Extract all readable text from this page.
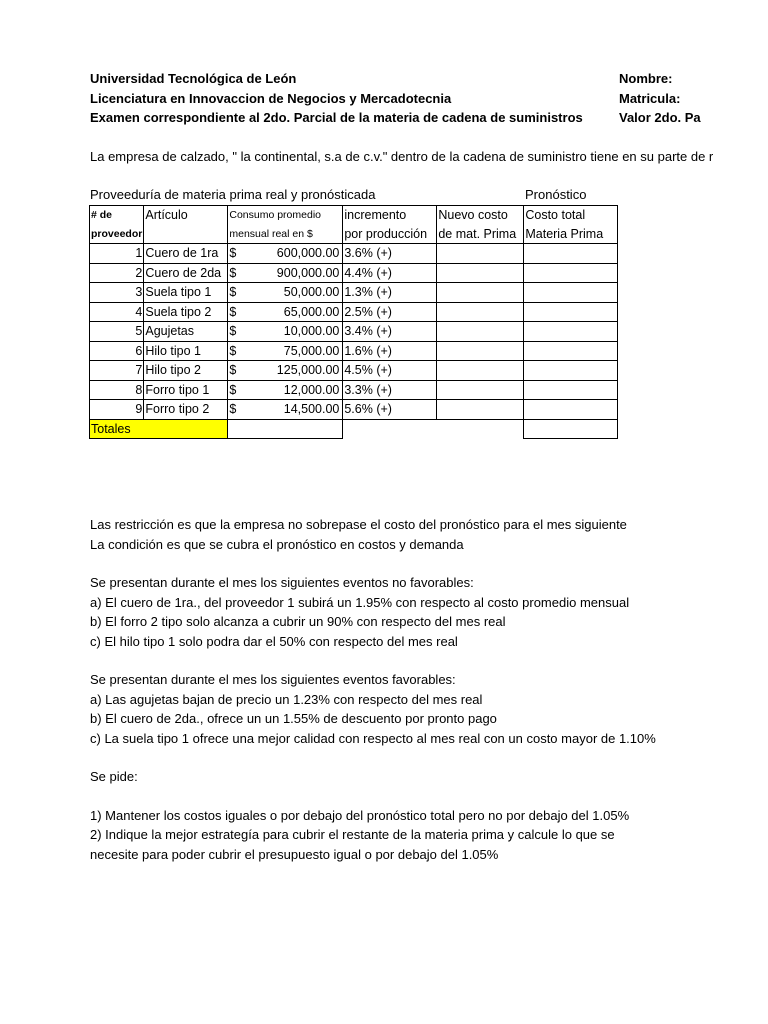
Universidad Tecnológica de León
Licenciatura en Innovaccion de Negocios y Mercadotecnia
Examen correspondiente al 2do. Parcial de la materia de cadena de suministros
Nombre:
Matricula:
Valor 2do. Pa
La empresa de calzado, " la continental, s.a de c.v." dentro de la cadena de suministro tiene en su parte de r
Proveeduría de materia prima real y pronósticada	Pronóstico
# de	Artículo	Consumo promedio	incremento	Nuevo costo	Costo total
proveedor		mensual real en $	por producción	de mat. Prima	Materia Prima
1	Cuero de 1ra	$ 600,000.00	3.6% (+)		
2	Cuero de 2da	$ 900,000.00	4.4% (+)		
3	Suela tipo 1	$ 50,000.00	1.3% (+)		
4	Suela tipo 2	$ 65,000.00	2.5% (+)		
5	Agujetas	$ 10,000.00	3.4% (+)		
6	Hilo tipo 1	$ 75,000.00	1.6% (+)		
7	Hilo tipo 2	$ 125,000.00	4.5% (+)		
8	Forro tipo 1	$ 12,000.00	3.3% (+)		
9	Forro tipo 2	$ 14,500.00	5.6% (+)		
Totales					
Las restricción es que la empresa no sobrepase el costo del pronóstico para el mes siguiente
La condición es que se cubra el pronóstico en costos y demanda
Se presentan durante el mes los siguientes eventos no favorables:
a) El cuero de 1ra., del proveedor 1 subirá un 1.95% con respecto al costo promedio mensual
b) El forro 2 tipo solo alcanza a cubrir un 90% con respecto del mes real
c) El hilo tipo 1 solo podra dar el 50% con respecto del mes real
Se presentan durante el mes los siguientes eventos favorables:
a) Las agujetas bajan de precio un 1.23% con respecto del mes real
b) El cuero de 2da., ofrece un un 1.55% de descuento por pronto pago
c) La suela tipo 1 ofrece una mejor calidad con respecto al mes real con un costo mayor de 1.10%
Se pide:
1) Mantener los costos iguales o por debajo del pronóstico total pero no por debajo del 1.05%
2) Indique la mejor estrategía para cubrir el restante de la materia prima y calcule lo que se
necesite para poder cubrir el presupuesto igual o por debajo del 1.05%
